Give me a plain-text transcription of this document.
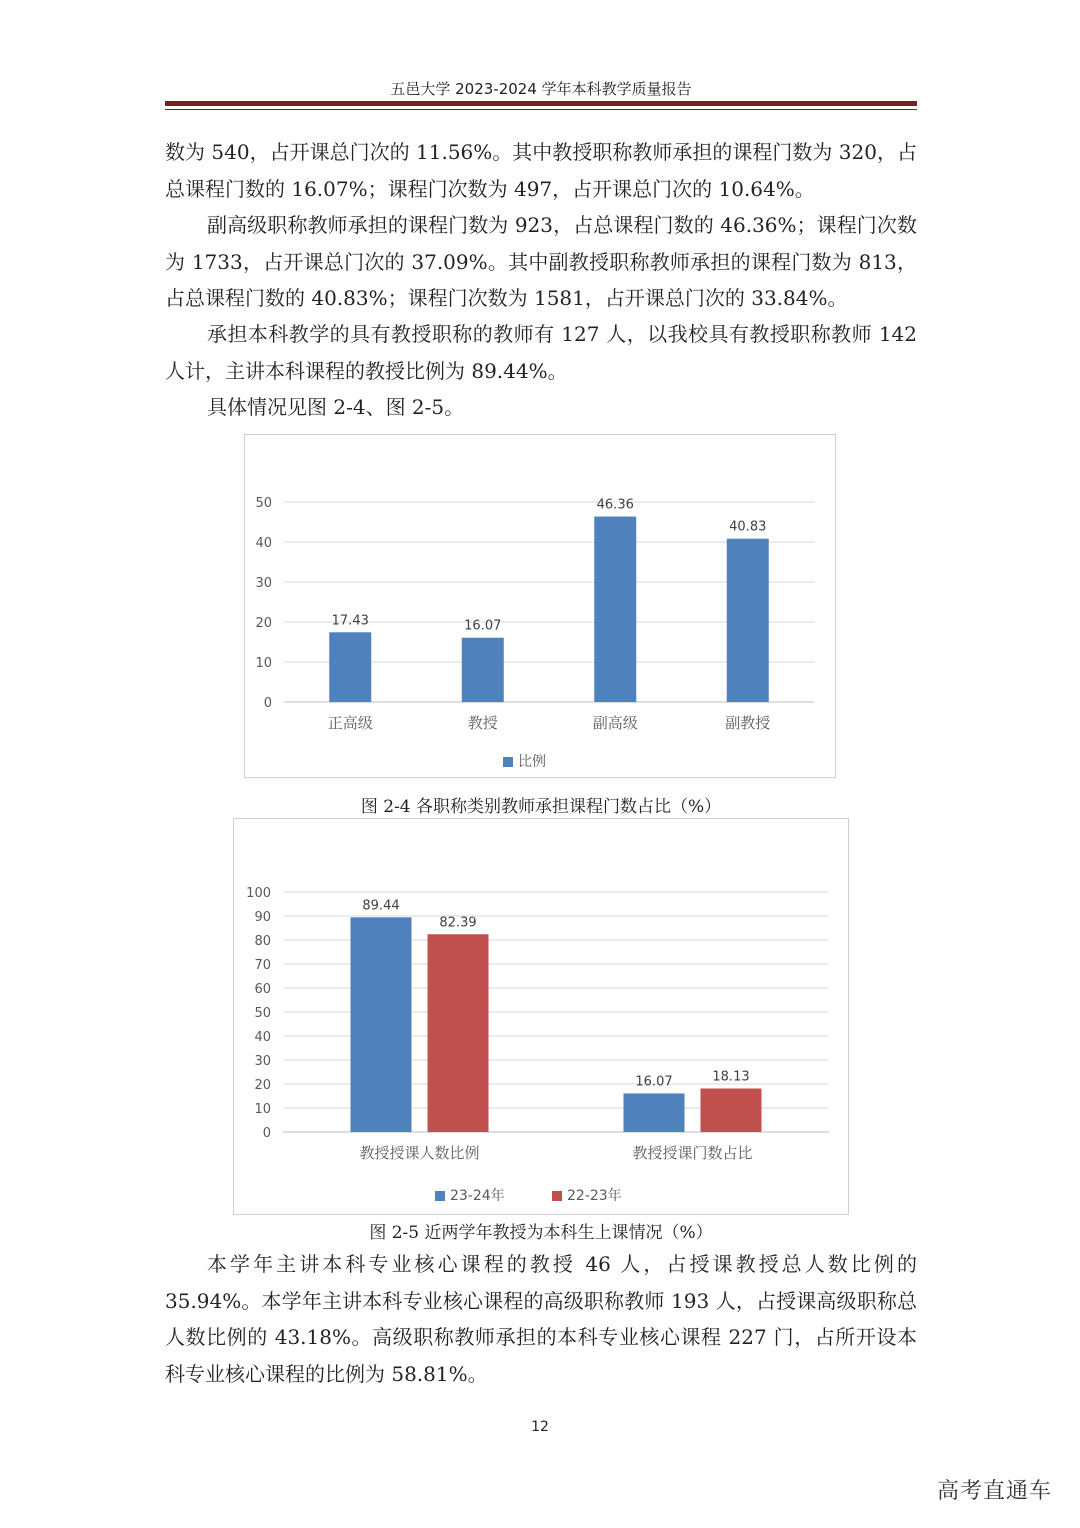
五邑大学 2023-2024 学年本科教学质量报告

数为 540，占开课总门次的 11.56%。其中教授职称教师承担的课程门数为 320，占总课程门数的 16.07%；课程门次数为 497，占开课总门次的 10.64%。

副高级职称教师承担的课程门数为 923，占总课程门数的 46.36%；课程门次数为 1733，占开课总门次的 37.09%。其中副教授职称教师承担的课程门数为 813，占总课程门数的 40.83%；课程门次数为 1581，占开课总门次的 33.84%。

承担本科教学的具有教授职称的教师有 127 人，以我校具有教授职称教师 142 人计，主讲本科课程的教授比例为 89.44%。

具体情况见图 2-4、图 2-5。

0
10
20
30
40
50
17.43
正高级
16.07
教授
46.36
副高级
40.83
副教授
比例

图 2-4 各职称类别教师承担课程门数占比（%）

0
10
20
30
40
50
60
70
80
90
100
89.44
82.39
教授授课人数比例
16.07	18.13
教授授课门数占比
23-24年	22-23年

图 2-5 近两学年教授为本科生上课情况（%）

本学年主讲本科专业核心课程的教授 46 人，占授课教授总人数比例的 35.94%。本学年主讲本科专业核心课程的高级职称教师 193 人，占授课高级职称总人数比例的 43.18%。高级职称教师承担的本科专业核心课程 227 门，占所开设本科专业核心课程的比例为 58.81%。

12
高考直通车
